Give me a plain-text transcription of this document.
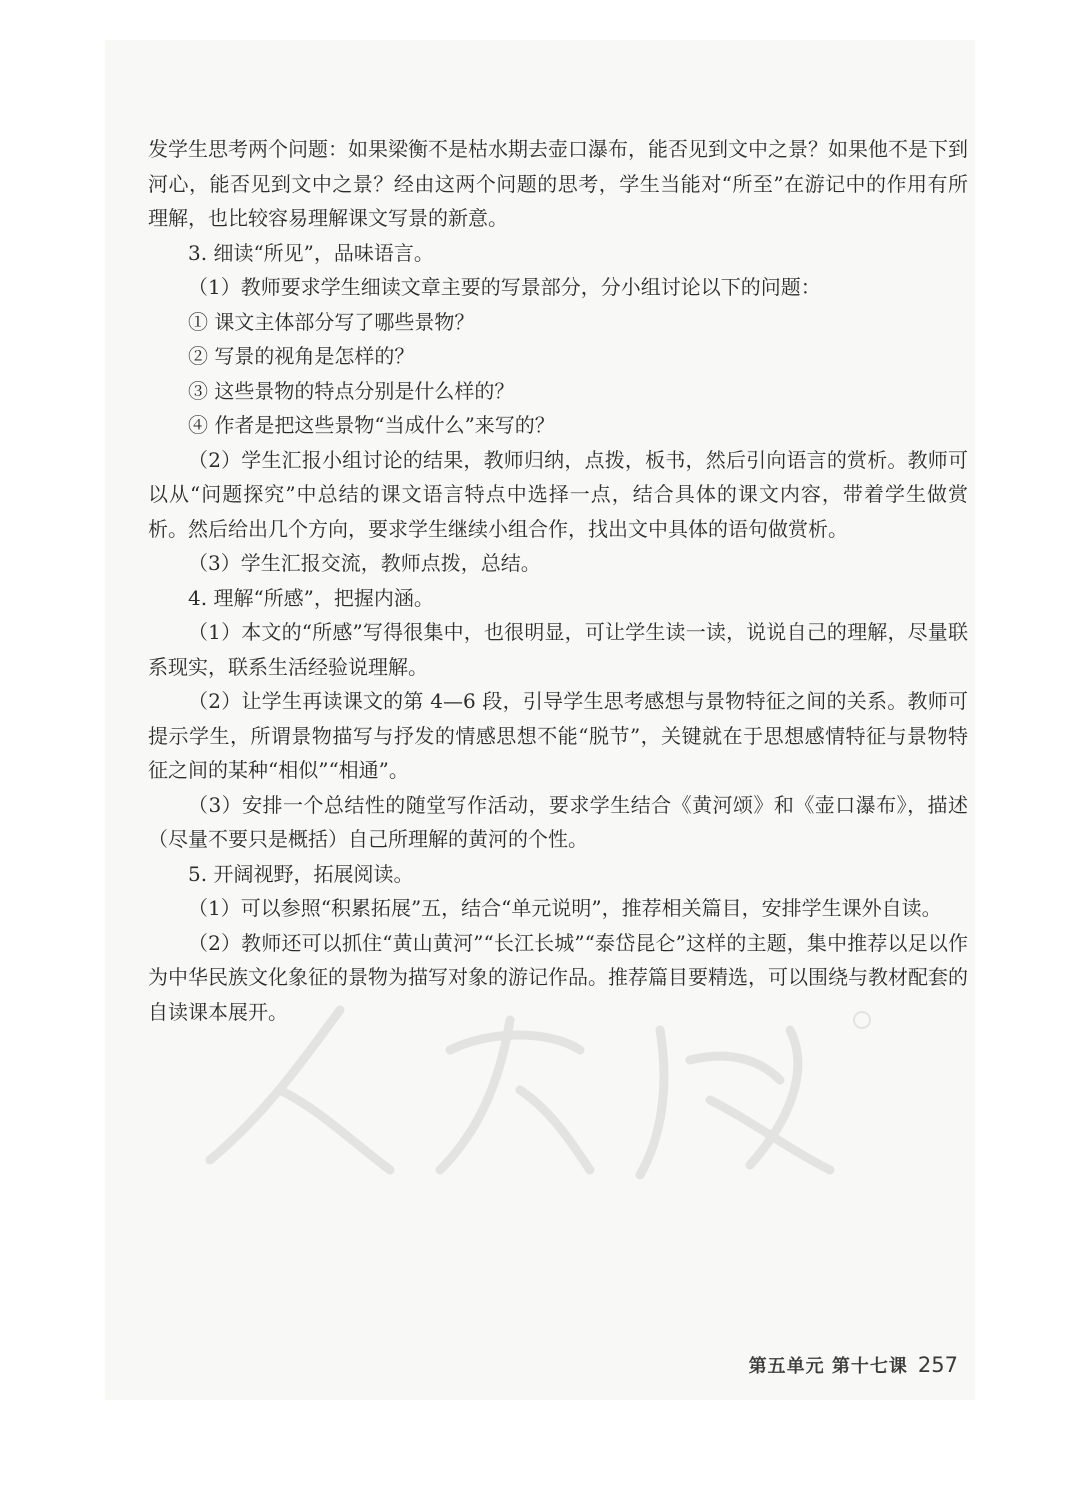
发学生思考两个问题：如果梁衡不是枯水期去壶口瀑布，能否见到文中之景？如果他不是下到河心，能否见到文中之景？经由这两个问题的思考，学生当能对“所至”在游记中的作用有所理解，也比较容易理解课文写景的新意。

3. 细读“所见”，品味语言。

（1）教师要求学生细读文章主要的写景部分，分小组讨论以下的问题：

① 课文主体部分写了哪些景物？

② 写景的视角是怎样的？

③ 这些景物的特点分别是什么样的？

④ 作者是把这些景物“当成什么”来写的？

（2）学生汇报小组讨论的结果，教师归纳，点拨，板书，然后引向语言的赏析。教师可以从“问题探究”中总结的课文语言特点中选择一点，结合具体的课文内容，带着学生做赏析。然后给出几个方向，要求学生继续小组合作，找出文中具体的语句做赏析。

（3）学生汇报交流，教师点拨，总结。

4. 理解“所感”，把握内涵。

（1）本文的“所感”写得很集中，也很明显，可让学生读一读，说说自己的理解，尽量联系现实，联系生活经验说理解。

（2）让学生再读课文的第 4—6 段，引导学生思考感想与景物特征之间的关系。教师可提示学生，所谓景物描写与抒发的情感思想不能“脱节”，关键就在于思想感情特征与景物特征之间的某种“相似”“相通”。

（3）安排一个总结性的随堂写作活动，要求学生结合《黄河颂》和《壶口瀑布》，描述（尽量不要只是概括）自己所理解的黄河的个性。

5. 开阔视野，拓展阅读。

（1）可以参照“积累拓展”五，结合“单元说明”，推荐相关篇目，安排学生课外自读。

（2）教师还可以抓住“黄山黄河”“长江长城”“泰岱昆仑”这样的主题，集中推荐以足以作为中华民族文化象征的景物为描写对象的游记作品。推荐篇目要精选，可以围绕与教材配套的自读课本展开。

第五单元 第十七课 257
